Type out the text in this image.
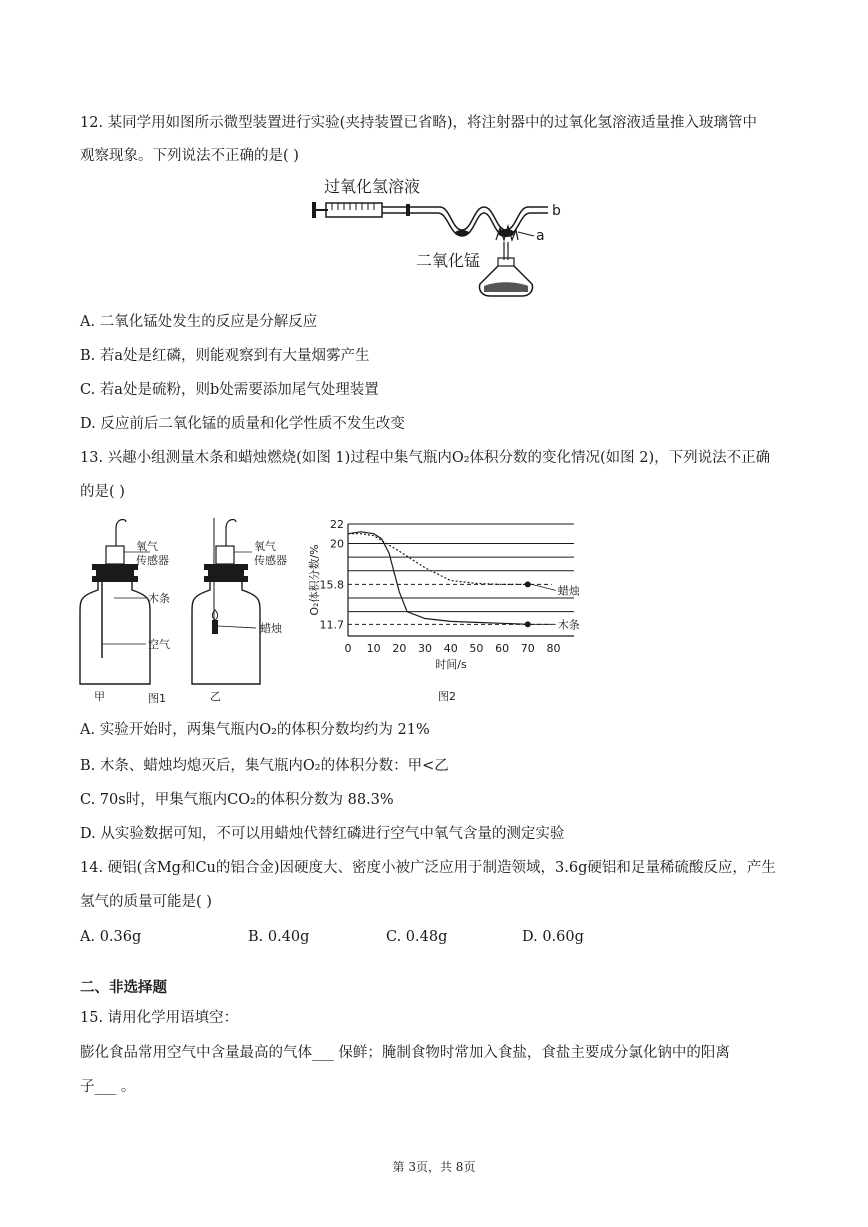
12. 某同学用如图所示微型装置进行实验(夹持装置已省略)，将注射器中的过氧化氢溶液适量推入玻璃管中
观察现象。下列说法不正确的是( )
过氧化氢溶液
a
b
二氧化锰
A. 二氧化锰处发生的反应是分解反应
B. 若a处是红磷，则能观察到有大量烟雾产生
C. 若a处是硫粉，则b处需要添加尾气处理装置
D. 反应前后二氧化锰的质量和化学性质不发生改变
13. 兴趣小组测量木条和蜡烛燃烧(如图 1)过程中集气瓶内O₂体积分数的变化情况(如图 2)，下列说法不正确
的是( )
氧气
传感器
氧气
传感器
木条
蜡烛
空气
甲	乙
图1
11.7
15.8
20
22
0 10 20 30 40 50 60 70 80
时间/s
O₂体积分数/%	蜡烛
木条
图2
A. 实验开始时，两集气瓶内O₂的体积分数均约为 21%
B. 木条、蜡烛均熄灭后，集气瓶内O₂的体积分数：甲<乙
C. 70s时，甲集气瓶内CO₂的体积分数为 88.3%
D. 从实验数据可知，不可以用蜡烛代替红磷进行空气中氧气含量的测定实验
14. 硬铝(含Mg和Cu的铝合金)因硬度大、密度小被广泛应用于制造领域，3.6g硬铝和足量稀硫酸反应，产生
氢气的质量可能是( )
A. 0.36g	B. 0.40g	C. 0.48g	D. 0.60g
二、非选择题
15. 请用化学用语填空：
膨化食品常用空气中含量最高的气体___ 保鲜；腌制食物时常加入食盐，食盐主要成分氯化钠中的阳离
子___ 。
第 3页，共 8页
